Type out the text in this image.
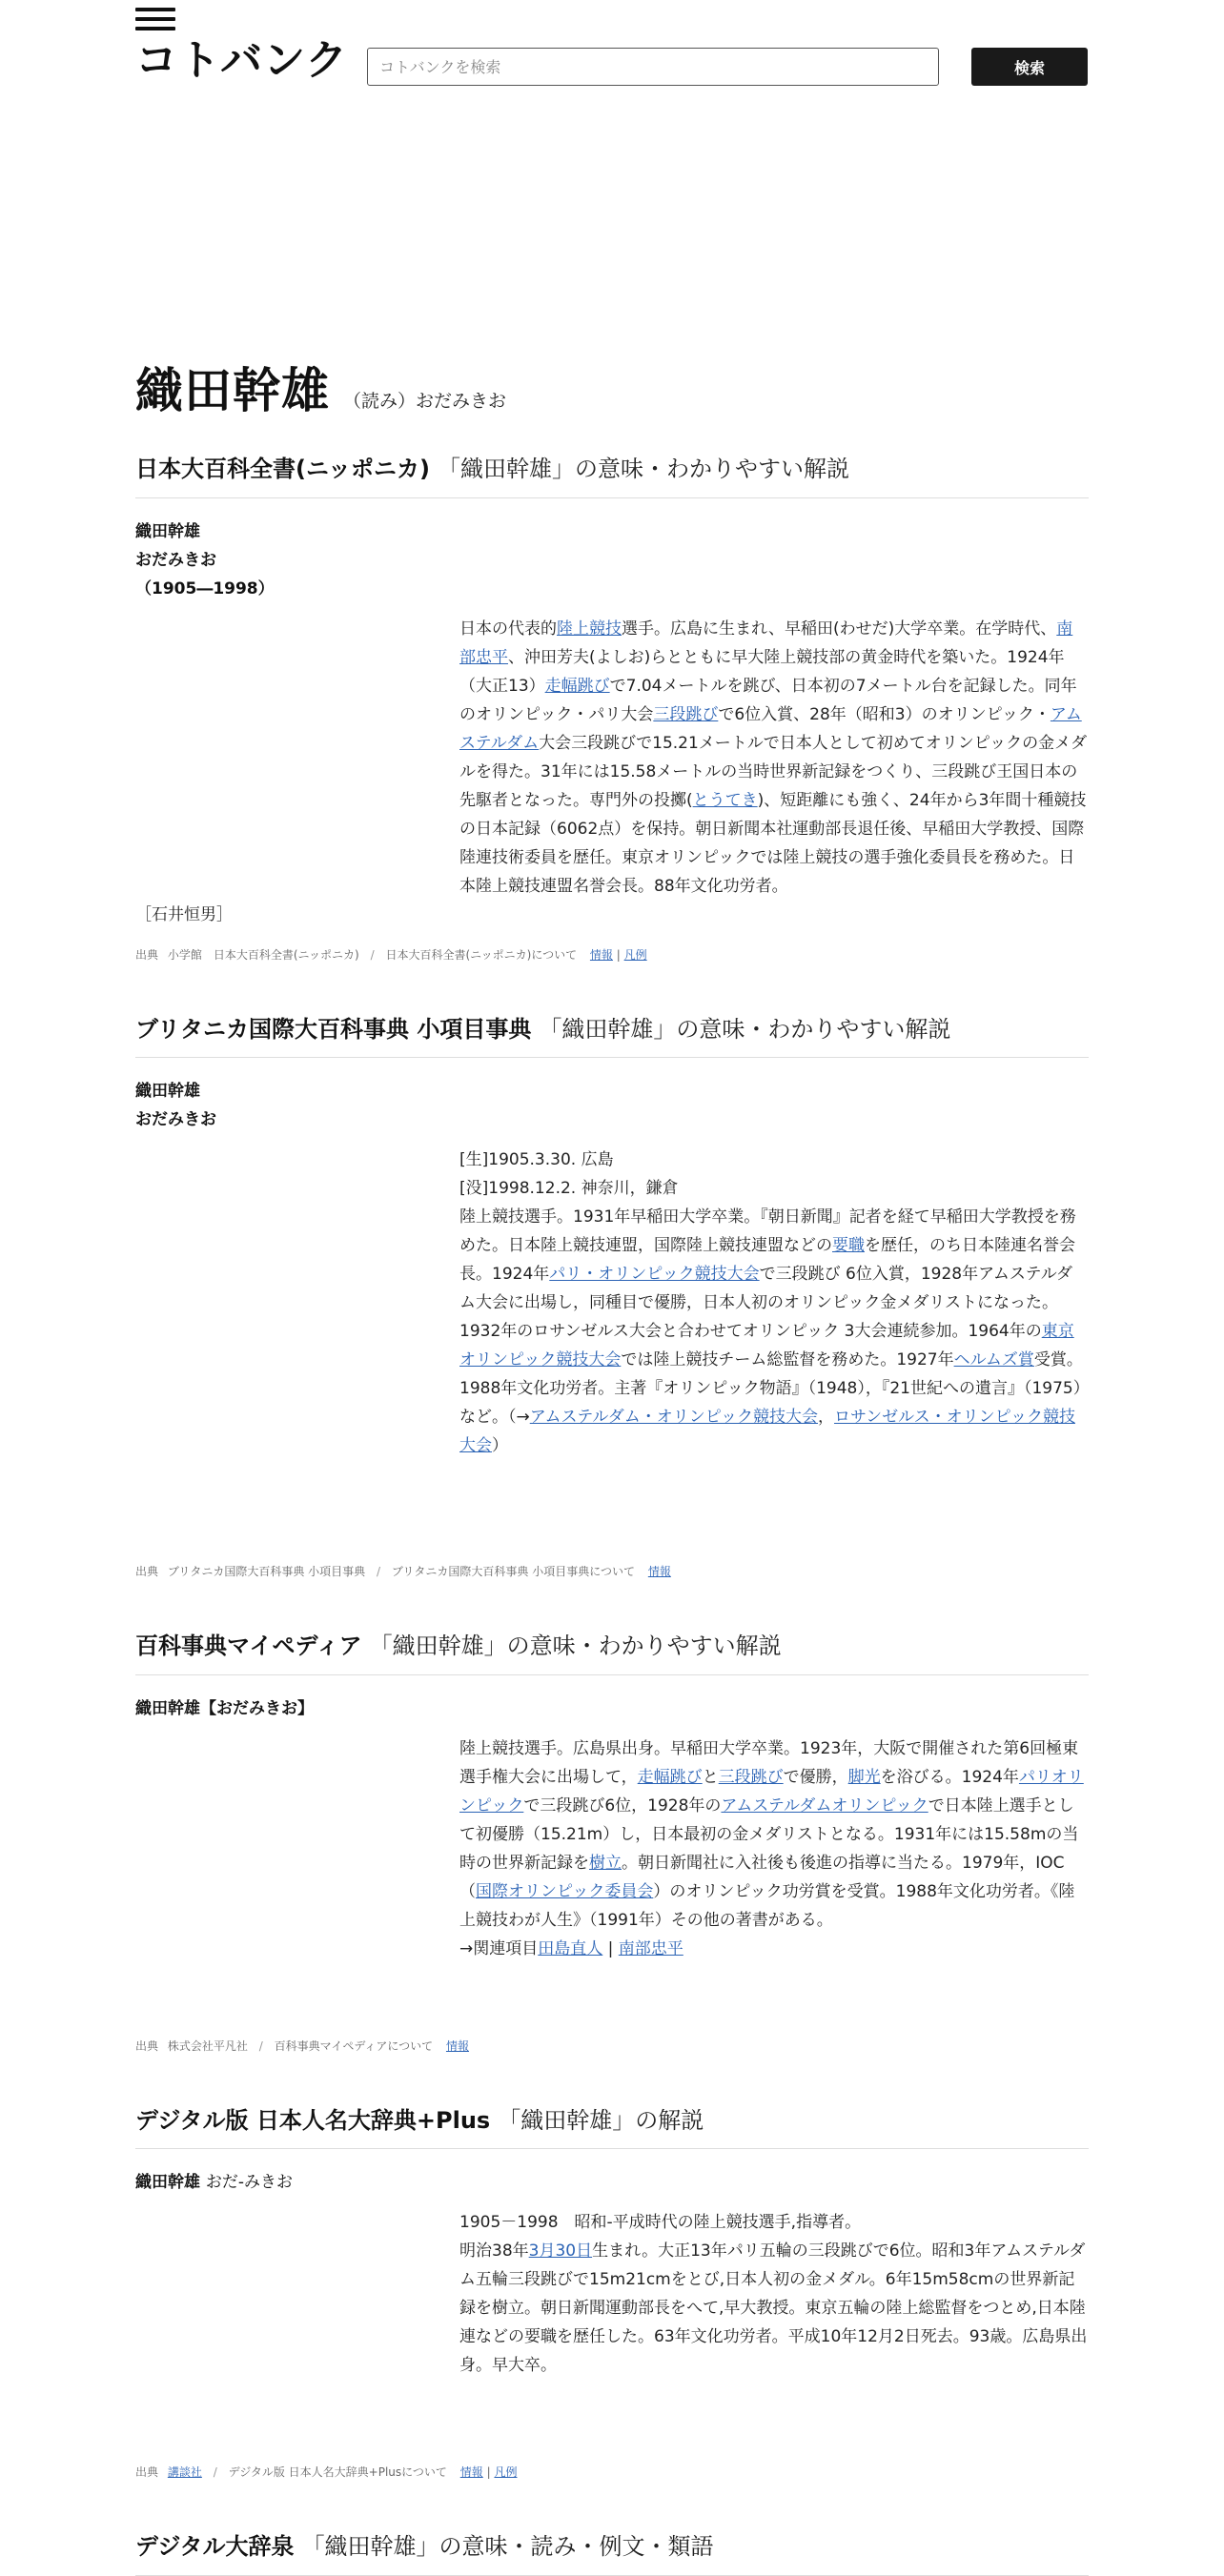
コトバンク
コトバンクを検索	検索
織田幹雄 （読み）おだみきお
日本大百科全書(ニッポニカ) 「織田幹雄」の意味・わかりやすい解説
織田幹雄
おだみきお
（1905―1998）
日本の代表的陸上競技選手。広島に生まれ、早稲田(わせだ)大学卒業。在学時代、南部忠平、沖田芳夫(よしお)らとともに早大陸上競技部の黄金時代を築いた。1924年（大正13）走幅跳びで7.04メートルを跳び、日本初の7メートル台を記録した。同年のオリンピック・パリ大会三段跳びで6位入賞、28年（昭和3）のオリンピック・アムステルダム大会三段跳びで15.21メートルで日本人として初めてオリンピックの金メダルを得た。31年には15.58メートルの当時世界新記録をつくり、三段跳び王国日本の先駆者となった。専門外の投擲(とうてき)、短距離にも強く、24年から3年間十種競技の日本記録（6062点）を保持。朝日新聞本社運動部長退任後、早稲田大学教授、国際陸連技術委員を歴任。東京オリンピックでは陸上競技の選手強化委員長を務めた。日本陸上競技連盟名誉会長。88年文化功労者。
［石井恒男］
出典 小学館　日本大百科全書(ニッポニカ) / 日本大百科全書(ニッポニカ)について 情報 | 凡例
ブリタニカ国際大百科事典 小項目事典 「織田幹雄」の意味・わかりやすい解説
織田幹雄
おだみきお
[生]1905.3.30. 広島
[没]1998.12.2. 神奈川，鎌倉
陸上競技選手。1931年早稲田大学卒業。『朝日新聞』記者を経て早稲田大学教授を務めた。日本陸上競技連盟，国際陸上競技連盟などの要職を歴任，のち日本陸連名誉会長。1924年パリ・オリンピック競技大会で三段跳び 6位入賞，1928年アムステルダム大会に出場し，同種目で優勝，日本人初のオリンピック金メダリストになった。1932年のロサンゼルス大会と合わせてオリンピック 3大会連続参加。1964年の東京オリンピック競技大会では陸上競技チーム総監督を務めた。1927年ヘルムズ賞受賞。1988年文化功労者。主著『オリンピック物語』（1948），『21世紀への遺言』（1975）など。（→アムステルダム・オリンピック競技大会，ロサンゼルス・オリンピック競技大会）
出典 ブリタニカ国際大百科事典 小項目事典 / ブリタニカ国際大百科事典 小項目事典について 情報
百科事典マイペディア 「織田幹雄」の意味・わかりやすい解説
織田幹雄【おだみきお】
陸上競技選手。広島県出身。早稲田大学卒業。1923年，大阪で開催された第6回極東選手権大会に出場して，走幅跳びと三段跳びで優勝，脚光を浴びる。1924年パリオリンピックで三段跳び6位，1928年のアムステルダムオリンピックで日本陸上選手として初優勝（15.21m）し，日本最初の金メダリストとなる。1931年には15.58mの当時の世界新記録を樹立。朝日新聞社に入社後も後進の指導に当たる。1979年，IOC（国際オリンピック委員会）のオリンピック功労賞を受賞。1988年文化功労者。《陸上競技わが人生》（1991年）その他の著書がある。
→関連項目田島直人 | 南部忠平
出典 株式会社平凡社 / 百科事典マイペディアについて 情報
デジタル版 日本人名大辞典+Plus 「織田幹雄」の解説
織田幹雄 おだ-みきお
1905－1998　昭和-平成時代の陸上競技選手,指導者。
明治38年3月30日生まれ。大正13年パリ五輪の三段跳びで6位。昭和3年アムステルダム五輪三段跳びで15m21cmをとび,日本人初の金メダル。6年15m58cmの世界新記録を樹立。朝日新聞運動部長をへて,早大教授。東京五輪の陸上総監督をつとめ,日本陸連などの要職を歴任した。63年文化功労者。平成10年12月2日死去。93歳。広島県出身。早大卒。
出典 講談社 / デジタル版 日本人名大辞典+Plusについて 情報 | 凡例
デジタル大辞泉 「織田幹雄」の意味・読み・例文・類語
